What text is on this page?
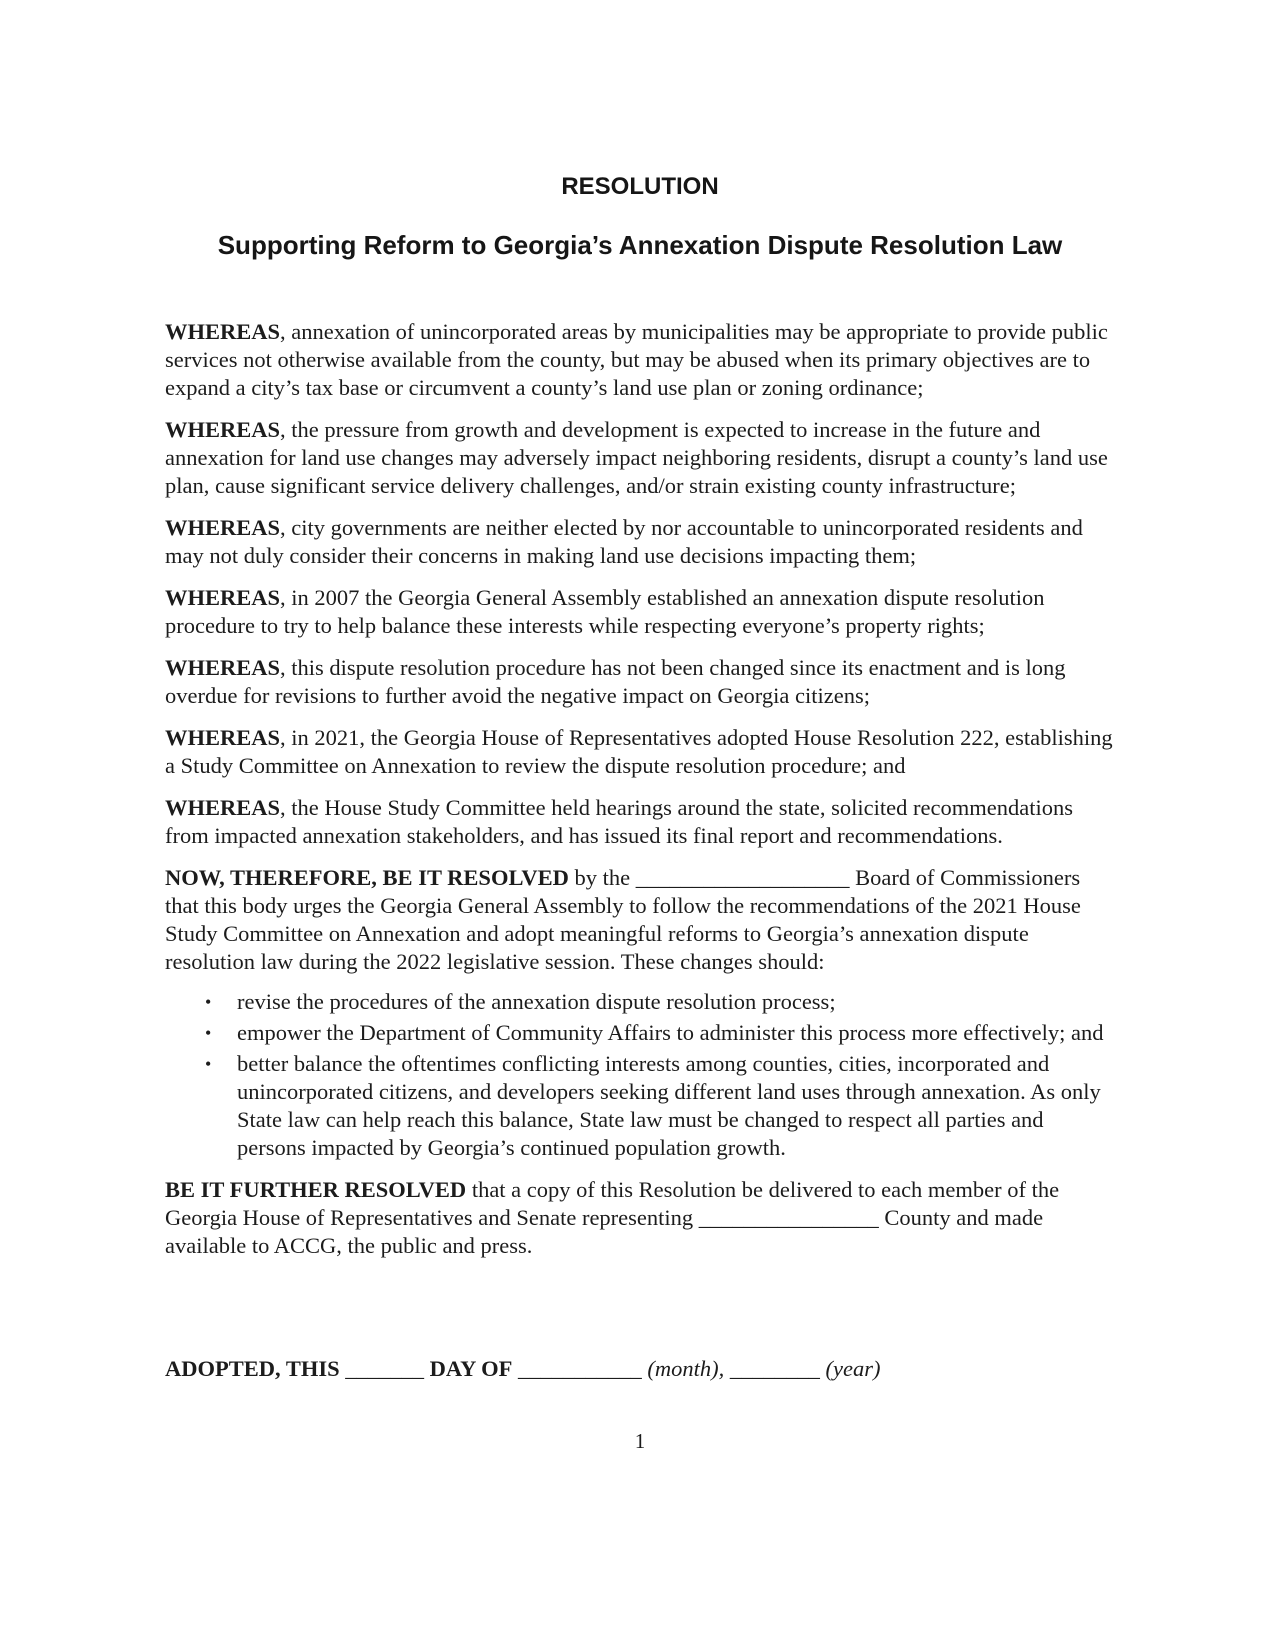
RESOLUTION
Supporting Reform to Georgia’s Annexation Dispute Resolution Law

WHEREAS, annexation of unincorporated areas by municipalities may be appropriate to provide public services not otherwise available from the county, but may be abused when its primary objectives are to expand a city’s tax base or circumvent a county’s land use plan or zoning ordinance;

WHEREAS, the pressure from growth and development is expected to increase in the future and annexation for land use changes may adversely impact neighboring residents, disrupt a county’s land use plan, cause significant service delivery challenges, and/or strain existing county infrastructure;

WHEREAS, city governments are neither elected by nor accountable to unincorporated residents and may not duly consider their concerns in making land use decisions impacting them;

WHEREAS, in 2007 the Georgia General Assembly established an annexation dispute resolution procedure to try to help balance these interests while respecting everyone’s property rights;

WHEREAS, this dispute resolution procedure has not been changed since its enactment and is long overdue for revisions to further avoid the negative impact on Georgia citizens;

WHEREAS, in 2021, the Georgia House of Representatives adopted House Resolution 222, establishing a Study Committee on Annexation to review the dispute resolution procedure; and

WHEREAS, the House Study Committee held hearings around the state, solicited recommendations from impacted annexation stakeholders, and has issued its final report and recommendations.

NOW, THEREFORE, BE IT RESOLVED by the ___________________ Board of Commissioners that this body urges the Georgia General Assembly to follow the recommendations of the 2021 House Study Committee on Annexation and adopt meaningful reforms to Georgia’s annexation dispute resolution law during the 2022 legislative session. These changes should:

•	revise the procedures of the annexation dispute resolution process;
•	empower the Department of Community Affairs to administer this process more effectively; and
•	better balance the oftentimes conflicting interests among counties, cities, incorporated and unincorporated citizens, and developers seeking different land uses through annexation. As only State law can help reach this balance, State law must be changed to respect all parties and persons impacted by Georgia’s continued population growth.

BE IT FURTHER RESOLVED that a copy of this Resolution be delivered to each member of the Georgia House of Representatives and Senate representing ________________ County and made available to ACCG, the public and press.

ADOPTED, THIS _______ DAY OF ___________ (month), ________ (year)

1
